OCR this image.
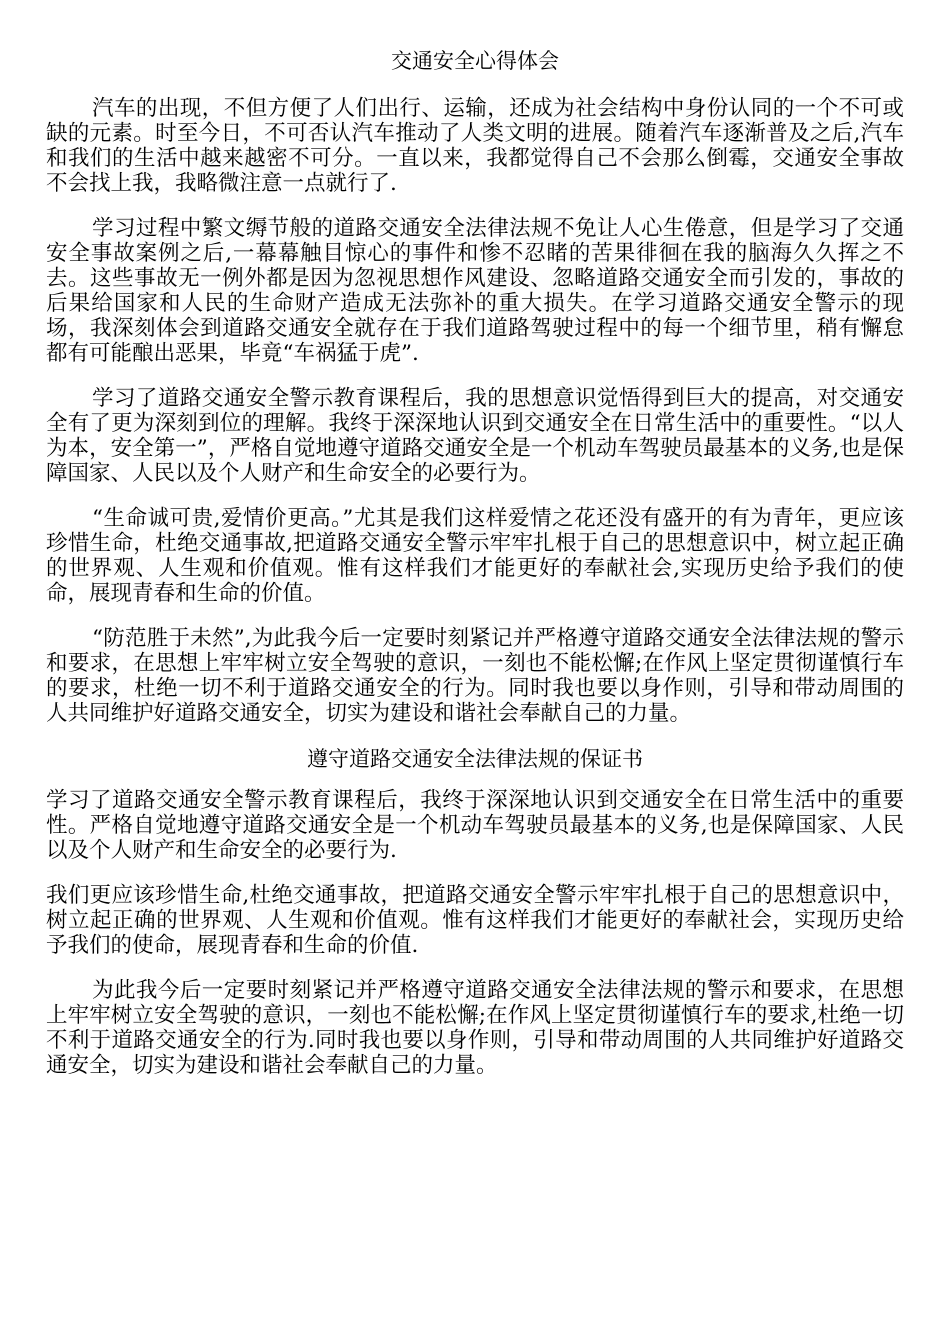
交通安全心得体会

汽车的出现，不但方便了人们出行、运输，还成为社会结构中身份认同的一个不可或缺的元素。时至今日，不可否认汽车推动了人类文明的进展。随着汽车逐渐普及之后,汽车和我们的生活中越来越密不可分。一直以来，我都觉得自己不会那么倒霉，交通安全事故不会找上我，我略微注意一点就行了.

学习过程中繁文缛节般的道路交通安全法律法规不免让人心生倦意，但是学习了交通安全事故案例之后,一幕幕触目惊心的事件和惨不忍睹的苦果徘徊在我的脑海久久挥之不去。这些事故无一例外都是因为忽视思想作风建设、忽略道路交通安全而引发的，事故的后果给国家和人民的生命财产造成无法弥补的重大损失。在学习道路交通安全警示的现场，我深刻体会到道路交通安全就存在于我们道路驾驶过程中的每一个细节里，稍有懈怠都有可能酿出恶果，毕竟“车祸猛于虎”.

学习了道路交通安全警示教育课程后，我的思想意识觉悟得到巨大的提高，对交通安全有了更为深刻到位的理解。我终于深深地认识到交通安全在日常生活中的重要性。“以人为本，安全第一”，严格自觉地遵守道路交通安全是一个机动车驾驶员最基本的义务,也是保障国家、人民以及个人财产和生命安全的必要行为。

“生命诚可贵,爱情价更高。”尤其是我们这样爱情之花还没有盛开的有为青年，更应该珍惜生命，杜绝交通事故,把道路交通安全警示牢牢扎根于自己的思想意识中，树立起正确的世界观、人生观和价值观。惟有这样我们才能更好的奉献社会,实现历史给予我们的使命，展现青春和生命的价值。

“防范胜于未然”,为此我今后一定要时刻紧记并严格遵守道路交通安全法律法规的警示和要求，在思想上牢牢树立安全驾驶的意识，一刻也不能松懈;在作风上坚定贯彻谨慎行车的要求，杜绝一切不利于道路交通安全的行为。同时我也要以身作则，引导和带动周围的人共同维护好道路交通安全，切实为建设和谐社会奉献自己的力量。

遵守道路交通安全法律法规的保证书

学习了道路交通安全警示教育课程后，我终于深深地认识到交通安全在日常生活中的重要性。严格自觉地遵守道路交通安全是一个机动车驾驶员最基本的义务,也是保障国家、人民以及个人财产和生命安全的必要行为.

我们更应该珍惜生命,杜绝交通事故，把道路交通安全警示牢牢扎根于自己的思想意识中，树立起正确的世界观、人生观和价值观。惟有这样我们才能更好的奉献社会，实现历史给予我们的使命，展现青春和生命的价值.

为此我今后一定要时刻紧记并严格遵守道路交通安全法律法规的警示和要求，在思想上牢牢树立安全驾驶的意识，一刻也不能松懈;在作风上坚定贯彻谨慎行车的要求,杜绝一切不利于道路交通安全的行为.同时我也要以身作则，引导和带动周围的人共同维护好道路交通安全，切实为建设和谐社会奉献自己的力量。
